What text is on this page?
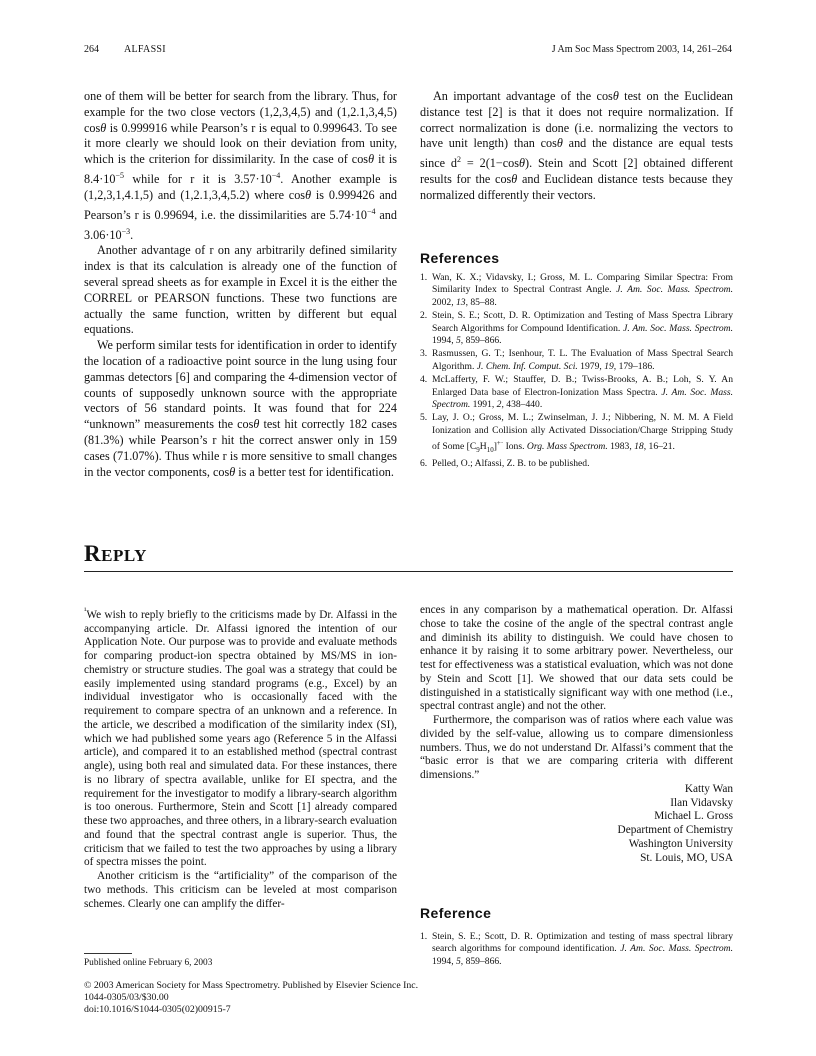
264	ALFASSI	J Am Soc Mass Spectrom 2003, 14, 261–264

one of them will be better for search from the library. Thus, for example for the two close vectors (1,2,3,4,5) and (1,2.1,3,4,5) cosθ is 0.999916 while Pearson’s r is equal to 0.999643. To see it more clearly we should look on their deviation from unity, which is the criterion for dissimilarity. In the case of cosθ it is $8.4\cdot 10^{-5}$ while for r it is $3.57\cdot 10^{-4}$. Another example is (1,2,3,1,4.1,5) and (1,2.1,3,4,5.2) where cosθ is 0.999426 and Pearson’s r is 0.99694, i.e. the dissimilarities are $5.74\cdot 10^{-4}$ and $3.06\cdot 10^{-3}$.

Another advantage of r on any arbitrarily defined similarity index is that its calculation is already one of the function of several spread sheets as for example in Excel it is the either the CORREL or PEARSON functions. These two functions are actually the same function, written by different but equal equations.

We perform similar tests for identification in order to identify the location of a radioactive point source in the lung using four gammas detectors [6] and comparing the 4-dimension vector of counts of supposedly unknown source with the appropriate vectors of 56 standard points. It was found that for 224 “unknown” measurements the cosθ test hit correctly 182 cases (81.3%) while Pearson’s r hit the correct answer only in 159 cases (71.07%). Thus while r is more sensitive to small changes in the vector components, cosθ is a better test for identification.

An important advantage of the cosθ test on the Euclidean distance test [2] is that it does not require normalization. If correct normalization is done (i.e. normalizing the vectors to have unit length) than cosθ and the distance are equal tests since $d^2 = 2(1-\cos\theta)$. Stein and Scott [2] obtained different results for the cosθ and Euclidean distance tests because they normalized differently their vectors.

References
1. Wan, K. X.; Vidavsky, I.; Gross, M. L. Comparing Similar Spectra: From Similarity Index to Spectral Contrast Angle. J. Am. Soc. Mass. Spectrom. 2002, 13, 85–88.
2. Stein, S. E.; Scott, D. R. Optimization and Testing of Mass Spectra Library Search Algorithms for Compound Identification. J. Am. Soc. Mass. Spectrom. 1994, 5, 859–866.
3. Rasmussen, G. T.; Isenhour, T. L. The Evaluation of Mass Spectral Search Algorithm. J. Chem. Inf. Comput. Sci. 1979, 19, 179–186.
4. McLafferty, F. W.; Stauffer, D. B.; Twiss-Brooks, A. B.; Loh, S. Y. An Enlarged Data base of Electron-Ionization Mass Spectra. J. Am. Soc. Mass. Spectrom. 1991, 2, 438–440.
5. Lay, J. O.; Gross, M. L.; Zwinselman, J. J.; Nibbering, N. M. M. A Field Ionization and Collision ally Activated Dissociation/Charge Stripping Study of Some $[C_9H_{10}]^{+\cdot}$ Ions. Org. Mass Spectrom. 1983, 18, 16–21.
6. Pelled, O.; Alfassi, Z. B. to be published.
REPLY

$^{^1}$We wish to reply briefly to the criticisms made by Dr. Alfassi in the accompanying article. Dr. Alfassi ignored the intention of our Application Note. Our purpose was to provide and evaluate methods for comparing product-ion spectra obtained by MS/MS in ion-chemistry or structure studies. The goal was a strategy that could be easily implemented using standard programs (e.g., Excel) by an individual investigator who is occasionally faced with the requirement to compare spectra of an unknown and a reference. In the article, we described a modification of the similarity index (SI), which we had published some years ago (Reference 5 in the Alfassi article), and compared it to an established method (spectral contrast angle), using both real and simulated data. For these instances, there is no library of spectra available, unlike for EI spectra, and the requirement for the investigator to modify a library-search algorithm is too onerous. Furthermore, Stein and Scott [1] already compared these two approaches, and three others, in a library-search evaluation and found that the spectral contrast angle is superior. Thus, the criticism that we failed to test the two approaches by using a library of spectra misses the point.

Another criticism is the “artificiality” of the comparison of the two methods. This criticism can be leveled at most comparison schemes. Clearly one can amplify the differ-

ences in any comparison by a mathematical operation. Dr. Alfassi chose to take the cosine of the angle of the spectral contrast angle and diminish its ability to distinguish. We could have chosen to enhance it by raising it to some arbitrary power. Nevertheless, our test for effectiveness was a statistical evaluation, which was not done by Stein and Scott [1]. We showed that our data sets could be distinguished in a statistically significant way with one method (i.e., spectral contrast angle) and not the other.

Furthermore, the comparison was of ratios where each value was divided by the self-value, allowing us to compare dimensionless numbers. Thus, we do not understand Dr. Alfassi’s comment that the “basic error is that we are comparing criteria with different dimensions.”

Katty Wan
Ilan Vidavsky
Michael L. Gross
Department of Chemistry
Washington University
St. Louis, MO, USA
Reference
1. Stein, S. E.; Scott, D. R. Optimization and testing of mass spectral library search algorithms for compound identification. J. Am. Soc. Mass. Spectrom. 1994, 5, 859–866.
Published online February 6, 2003
© 2003 American Society for Mass Spectrometry. Published by Elsevier Science Inc.
1044-0305/03/$30.00
doi:10.1016/S1044-0305(02)00915-7
